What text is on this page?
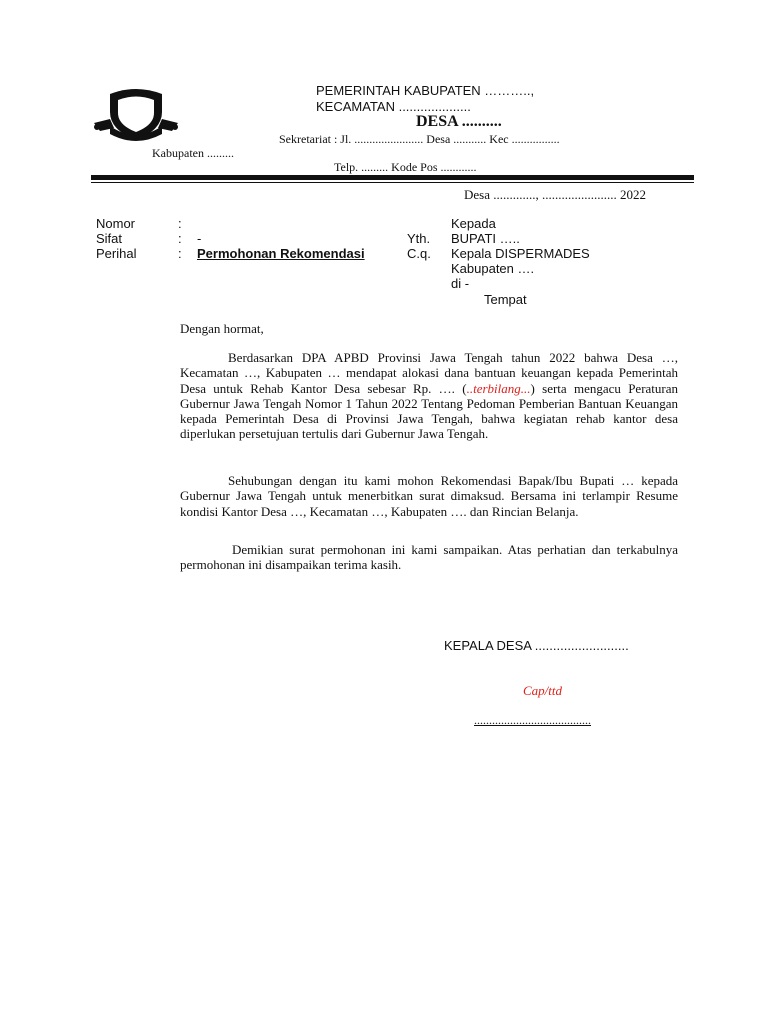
PEMERINTAH KABUPATEN ………..,
KECAMATAN ....................
DESA ..........
Sekretariat : Jl. ....................... Desa ........... Kec ................
Kabupaten .........
Telp. ......... Kode Pos ............
Desa ............., ....................... 2022
Nomor	:
Sifat	: -
Perihal	: Permohonan Rekomendasi
Kepada
Yth. BUPATI …..
C.q. Kepala DISPERMADES
Kabupaten ….
di -
Tempat
Dengan hormat,
Berdasarkan DPA APBD Provinsi Jawa Tengah tahun 2022 bahwa Desa …, Kecamatan …, Kabupaten … mendapat alokasi dana bantuan keuangan kepada Pemerintah Desa untuk Rehab Kantor Desa sebesar Rp. …. (..terbilang...) serta mengacu Peraturan Gubernur Jawa Tengah Nomor 1 Tahun 2022 Tentang Pedoman Pemberian Bantuan Keuangan kepada Pemerintah Desa di Provinsi Jawa Tengah, bahwa kegiatan rehab kantor desa diperlukan persetujuan tertulis dari Gubernur Jawa Tengah.
Sehubungan dengan itu kami mohon Rekomendasi Bapak/Ibu Bupati … kepada Gubernur Jawa Tengah untuk menerbitkan surat dimaksud. Bersama ini terlampir Resume kondisi Kantor Desa …, Kecamatan …, Kabupaten …. dan Rincian Belanja.
Demikian surat permohonan ini kami sampaikan. Atas perhatian dan terkabulnya permohonan ini disampaikan terima kasih.
KEPALA DESA ..........................
Cap/ttd
.......................................
